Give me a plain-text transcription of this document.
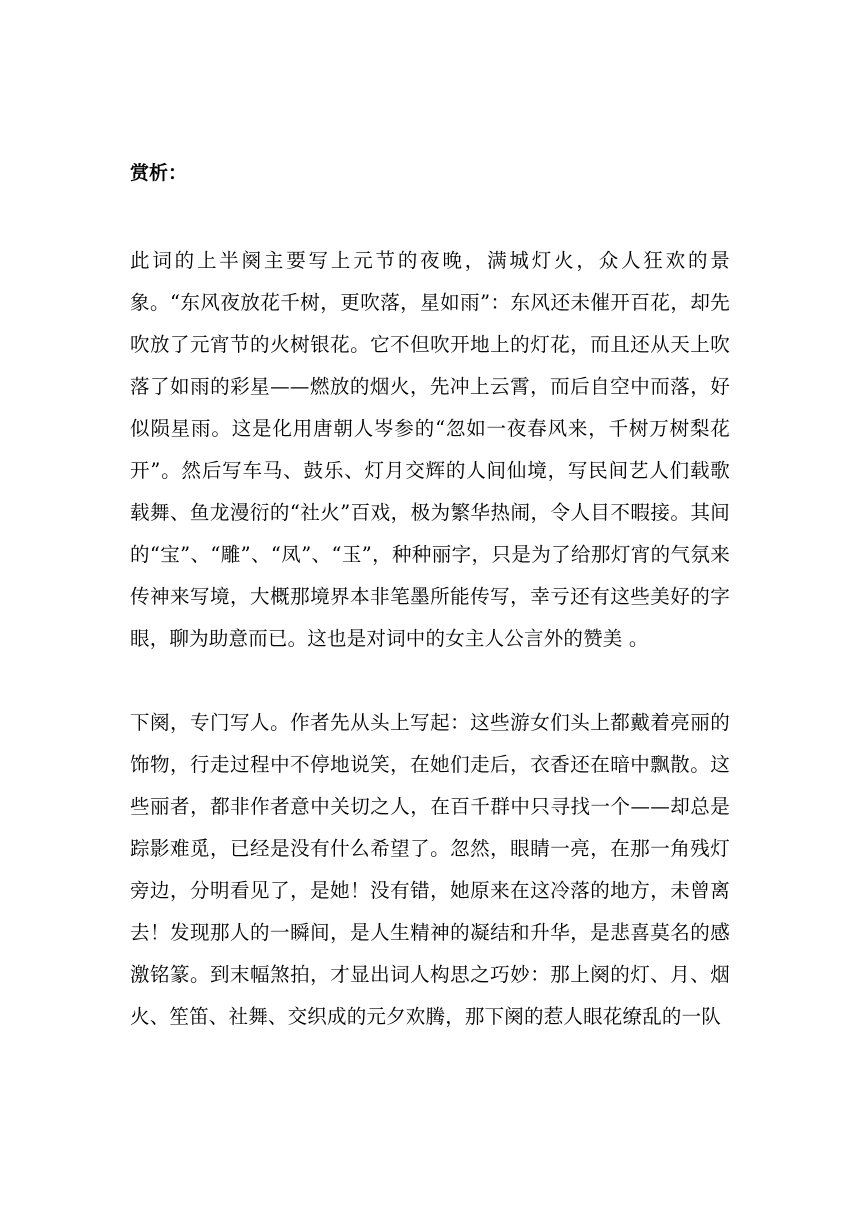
赏析：

此词的上半阕主要写上元节的夜晚，满城灯火，众人狂欢的景象。“东风夜放花千树，更吹落，星如雨”：东风还未催开百花，却先吹放了元宵节的火树银花。它不但吹开地上的灯花，而且还从天上吹落了如雨的彩星——燃放的烟火，先冲上云霄，而后自空中而落，好似陨星雨。这是化用唐朝人岑参的“忽如一夜春风来，千树万树梨花开”。然后写车马、鼓乐、灯月交辉的人间仙境，写民间艺人们载歌载舞、鱼龙漫衍的“社火”百戏，极为繁华热闹，令人目不暇接。其间的“宝”、“雕”、“凤”、“玉”，种种丽字，只是为了给那灯宵的气氛来传神来写境，大概那境界本非笔墨所能传写，幸亏还有这些美好的字眼，聊为助意而已。这也是对词中的女主人公言外的赞美 。

下阕，专门写人。作者先从头上写起：这些游女们头上都戴着亮丽的饰物，行走过程中不停地说笑，在她们走后，衣香还在暗中飘散。这些丽者，都非作者意中关切之人，在百千群中只寻找一个——却总是踪影难觅，已经是没有什么希望了。忽然，眼睛一亮，在那一角残灯旁边，分明看见了，是她！没有错，她原来在这冷落的地方，未曾离去！发现那人的一瞬间，是人生精神的凝结和升华，是悲喜莫名的感激铭篆。到末幅煞拍，才显出词人构思之巧妙：那上阕的灯、月、烟火、笙笛、社舞、交织成的元夕欢腾，那下阕的惹人眼花缭乱的一队
